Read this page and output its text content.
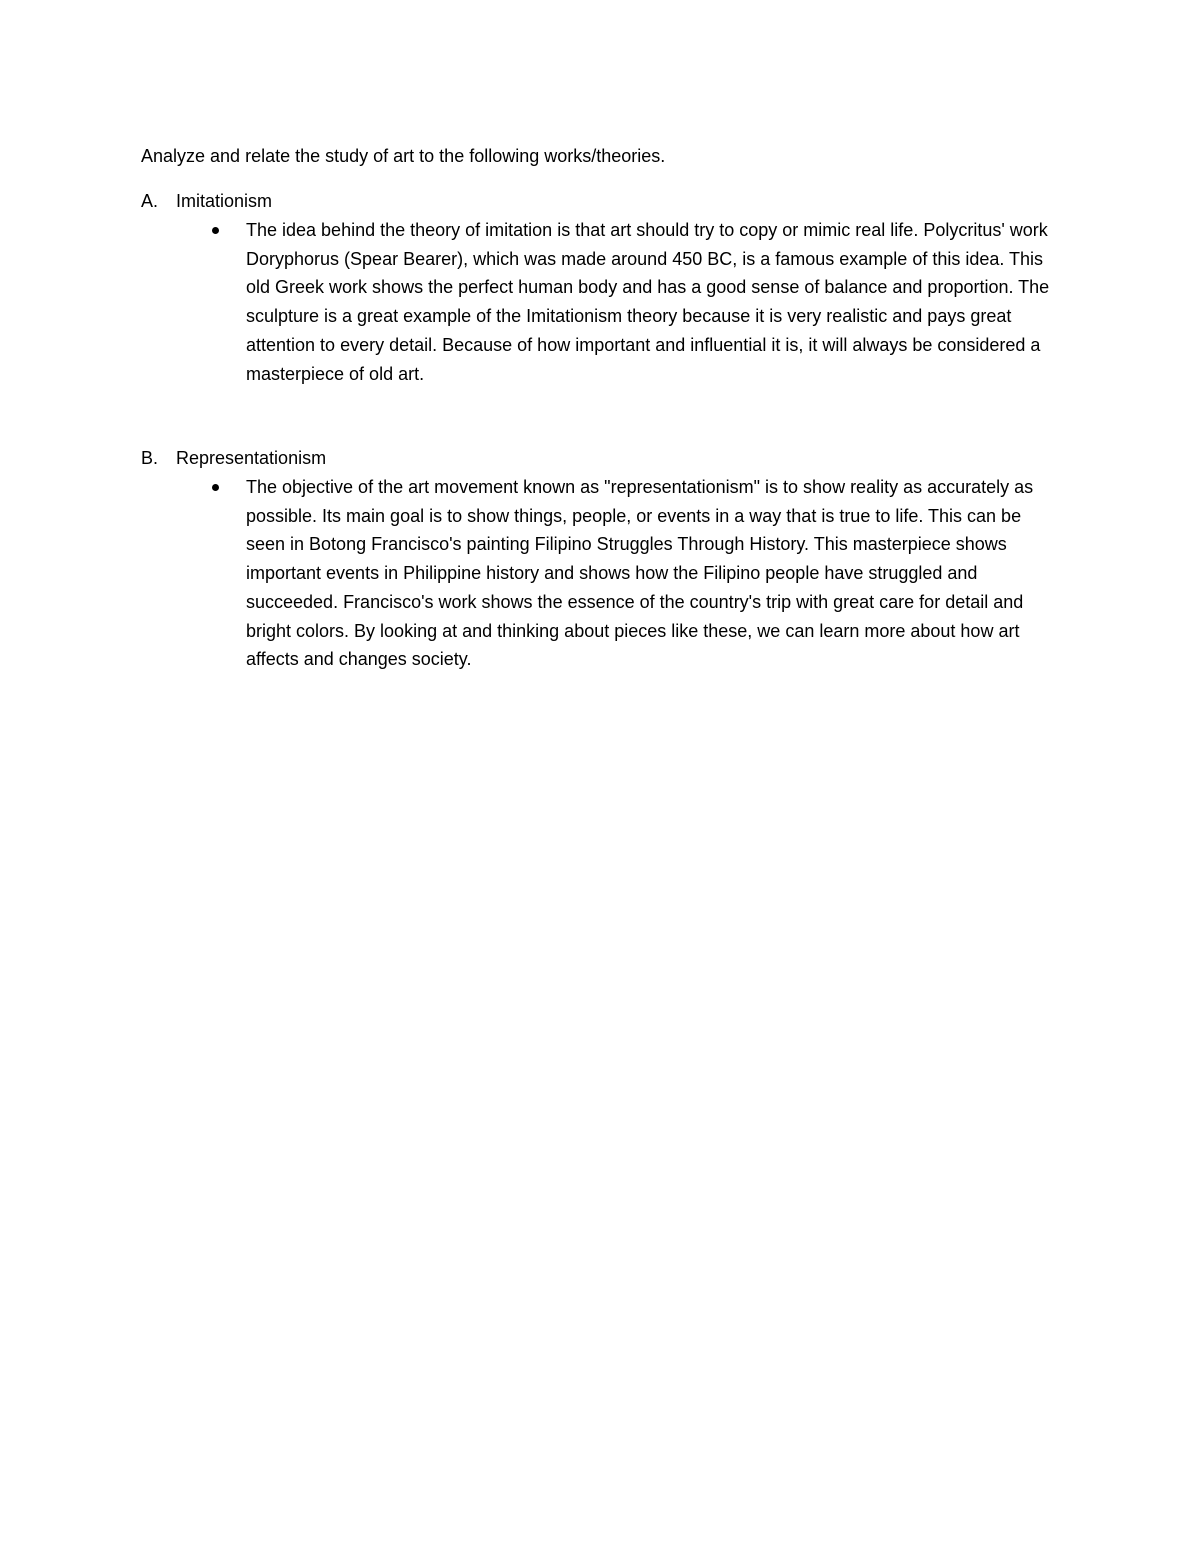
Analyze and relate the study of art to the following works/theories.
A. Imitationism

The idea behind the theory of imitation is that art should try to copy or mimic real life. Polycritus' work Doryphorus (Spear Bearer), which was made around 450 BC, is a famous example of this idea. This old Greek work shows the perfect human body and has a good sense of balance and proportion. The sculpture is a great example of the Imitationism theory because it is very realistic and pays great attention to every detail. Because of how important and influential it is, it will always be considered a masterpiece of old art.

B. Representationism

The objective of the art movement known as "representationism" is to show reality as accurately as possible. Its main goal is to show things, people, or events in a way that is true to life. This can be seen in Botong Francisco's painting Filipino Struggles Through History. This masterpiece shows important events in Philippine history and shows how the Filipino people have struggled and succeeded. Francisco's work shows the essence of the country's trip with great care for detail and bright colors. By looking at and thinking about pieces like these, we can learn more about how art affects and changes society.
